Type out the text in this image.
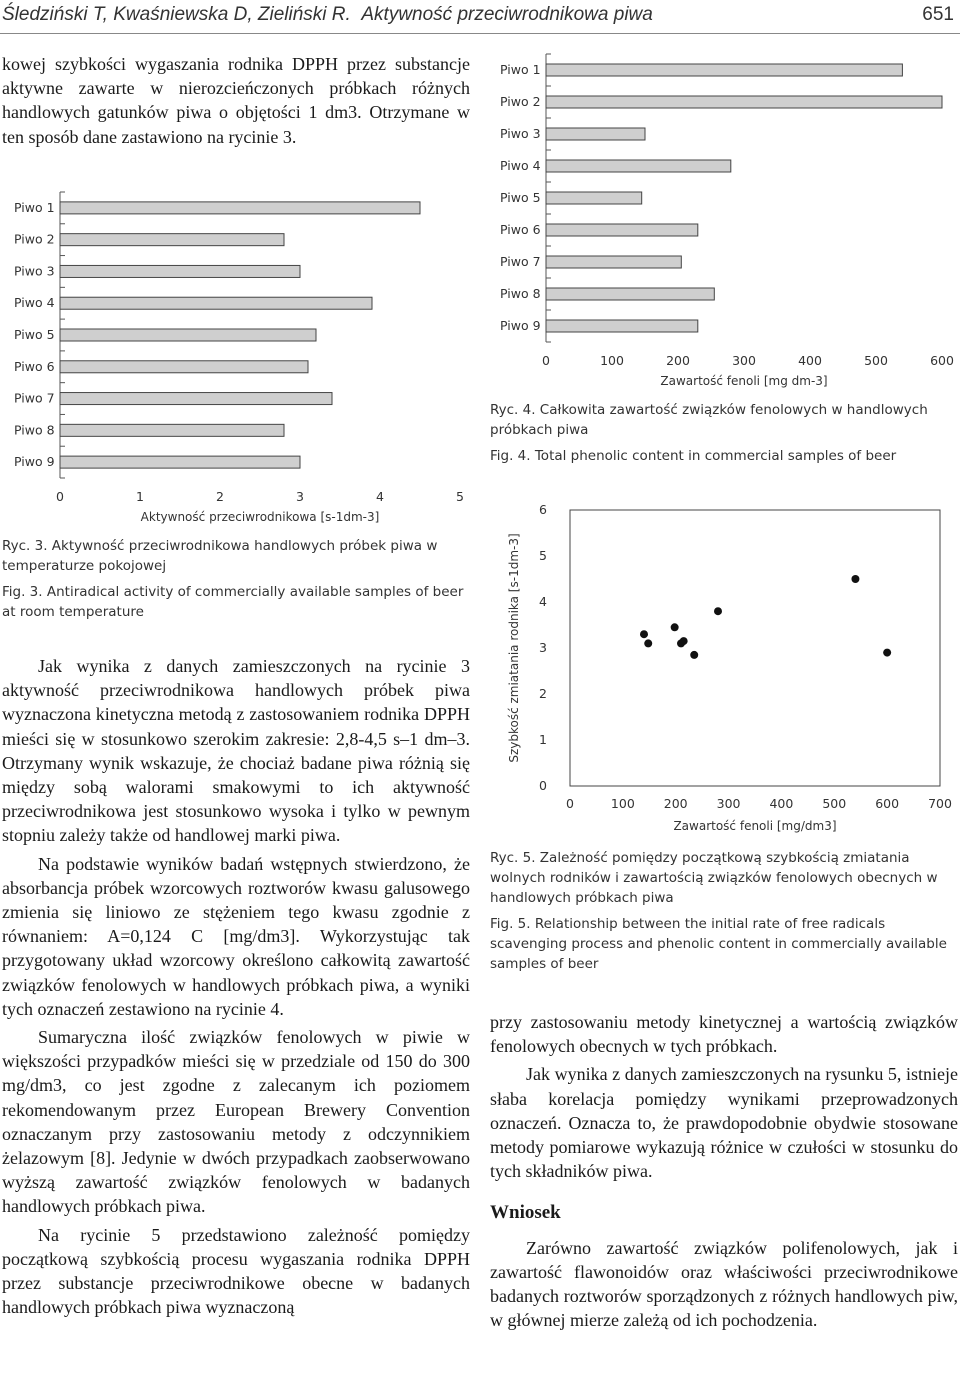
Śledziński T, Kwaśniewska D, Zieliński R. Aktywność przeciwrodnikowa piwa	651

kowej szybkości wygaszania rodnika DPPH przez substancje aktywne zawarte w nierozcieńczonych próbkach różnych handlowych gatunków piwa o objętości 1 dm3. Otrzymane w ten sposób dane zastawiono na rycinie 3.

Piwo 1
Piwo 2
Piwo 3
Piwo 4
Piwo 5
Piwo 6
Piwo 7
Piwo 8
Piwo 9
0	1	2	3	4	5
Aktywność przeciwrodnikowa [s-1dm-3]

Ryc. 3. Aktywność przeciwrodnikowa handlowych próbek piwa w temperaturze pokojowej

Fig. 3. Antiradical activity of commercially available samples of beer at room temperature

Jak wynika z danych zamieszczonych na rycinie 3 aktywność przeciwrodnikowa handlowych próbek piwa wyznaczona kinetyczna metodą z zastosowaniem rodnika DPPH mieści się w stosunkowo szerokim zakresie: 2,8-4,5 s–1 dm–3. Otrzymany wynik wskazuje, że chociaż badane piwa różnią się między sobą walorami smakowymi to ich aktywność przeciwrodnikowa jest stosunkowo wysoka i tylko w pewnym stopniu zależy także od handlowej marki piwa.

Na podstawie wyników badań wstępnych stwierdzono, że absorbancja próbek wzorcowych roztworów kwasu galusowego zmienia się liniowo ze stężeniem tego kwasu zgodnie z równaniem: A=0,124 C [mg/dm3]. Wykorzystując tak przygotowany układ wzorcowy określono całkowitą zawartość związków fenolowych w handlowych próbkach piwa, a wyniki tych oznaczeń zestawiono na rycinie 4.

Sumaryczna ilość związków fenolowych w piwie w większości przypadków mieści się w przedziale od 150 do 300 mg/dm3, co jest zgodne z zalecanym ich poziomem rekomendowanym przez European Brewery Convention oznaczanym przy zastosowaniu metody z odczynnikiem żelazowym [8]. Jedynie w dwóch przypadkach zaobserwowano wyższą zawartość związków fenolowych w badanych handlowych próbkach piwa.

Na rycinie 5 przedstawiono zależność pomiędzy początkową szybkością procesu wygaszania rodnika DPPH przez substancje przeciwrodnikowe obecne w badanych handlowych próbkach piwa wyznaczoną

Piwo 1
Piwo 2
Piwo 3
Piwo 4
Piwo 5
Piwo 6
Piwo 7
Piwo 8
Piwo 9
0	100	200	300	400	500	600
Zawartość fenoli [mg dm-3]

Ryc. 4. Całkowita zawartość związków fenolowych w handlowych próbkach piwa

Fig. 4. Total phenolic content in commercial samples of beer

0
1
2
3
4
5
6
0	100 200 300 400 500 600 700
Zawartość fenoli [mg/dm3]
Szybkość zmiatania rodnika [s-1dm-3]

Ryc. 5. Zależność pomiędzy początkową szybkością zmiatania wolnych rodników i zawartością związków fenolowych obecnych w handlowych próbkach piwa

Fig. 5. Relationship between the initial rate of free radicals scavenging process and phenolic content in commercially available samples of beer

przy zastosowaniu metody kinetycznej a wartością związków fenolowych obecnych w tych próbkach.

Jak wynika z danych zamieszczonych na rysunku 5, istnieje słaba korelacja pomiędzy wynikami przeprowadzonych oznaczeń. Oznacza to, że prawdopodobnie obydwie stosowane metody pomiarowe wykazują różnice w czułości w stosunku do tych składników piwa.

Wniosek

Zarówno zawartość związków polifenolowych, jak i zawartość flawonoidów oraz właściwości przeciwrodnikowe badanych roztworów sporządzonych z różnych handlowych piw, w głównej mierze zależą od ich pochodzenia.
